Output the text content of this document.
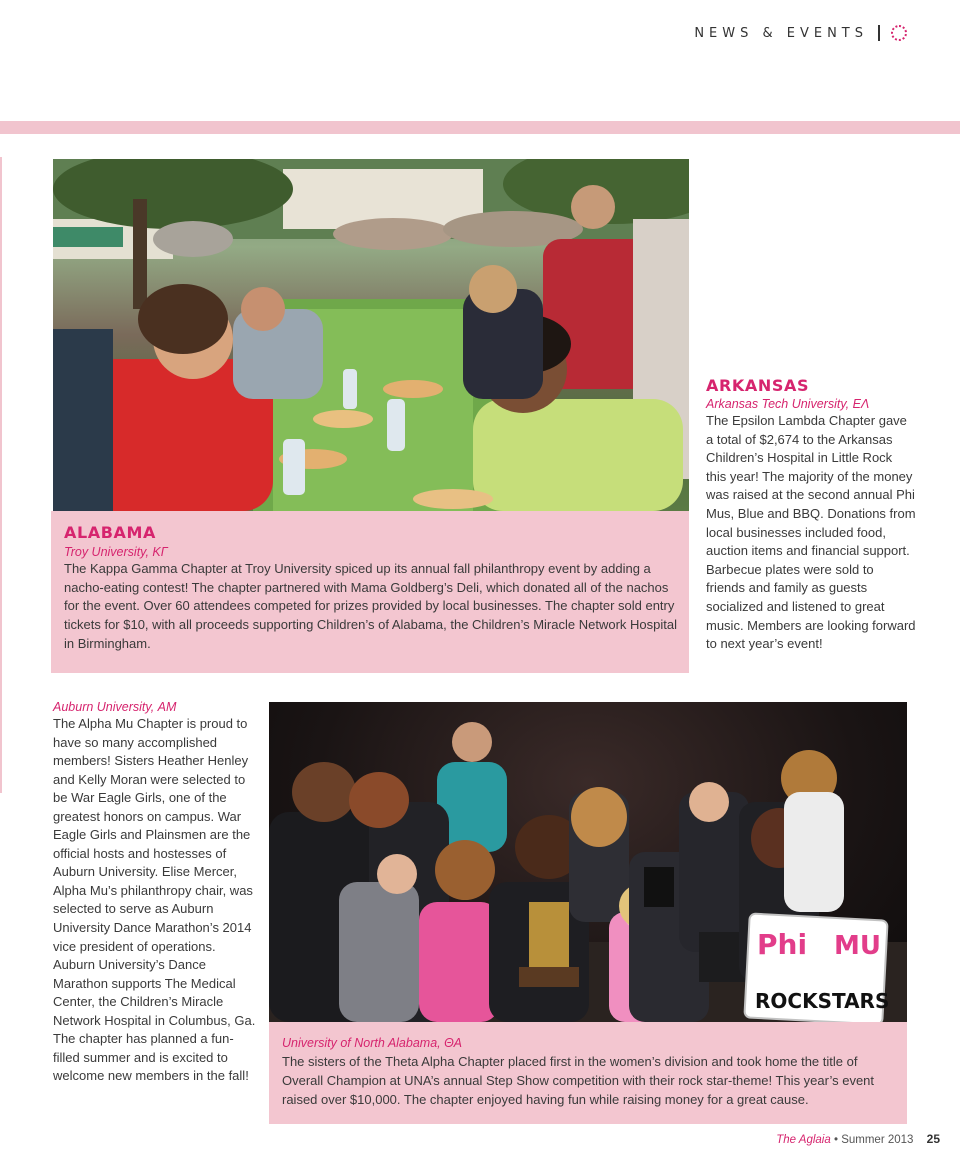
NEWS & EVENTS
ALABAMA
Troy University, ΚΓ
The Kappa Gamma Chapter at Troy University spiced up its annual fall philanthropy event by adding a nacho-eating contest! The chapter partnered with Mama Goldberg’s Deli, which donated all of the nachos for the event. Over 60 attendees competed for prizes provided by local businesses. The chapter sold entry tickets for $10, with all proceeds supporting Children’s of Alabama, the Children’s Miracle Network Hospital in Birmingham.
ARKANSAS
Arkansas Tech University, ΕΛ
The Epsilon Lambda Chapter gave a total of $2,674 to the Arkansas Children’s Hospital in Little Rock this year! The majority of the money was raised at the second annual Phi Mus, Blue and BBQ. Donations from local businesses included food, auction items and financial support. Barbecue plates were sold to friends and family as guests socialized and listened to great music. Members are looking forward to next year’s event!
Auburn University, ΑΜ
The Alpha Mu Chapter is proud to have so many accomplished members! Sisters Heather Henley and Kelly Moran were selected to be War Eagle Girls, one of the greatest honors on campus. War Eagle Girls and Plainsmen are the official hosts and hostesses of Auburn University. Elise Mercer, Alpha Mu’s philanthropy chair, was selected to serve as Auburn University Dance Marathon’s 2014 vice president of operations. Auburn University’s Dance Marathon supports The Medical Center, the Children’s Miracle Network Hospital in Columbus, Ga. The chapter has planned a fun-filled summer and is excited to welcome new members in the fall!
Phi MU
ROCKSTARS
University of North Alabama, ΘΑ
The sisters of the Theta Alpha Chapter placed first in the women’s division and took home the title of Overall Champion at UNA’s annual Step Show competition with their rock star-theme! This year’s event raised over $10,000. The chapter enjoyed having fun while raising money for a great cause.
The Aglaia • Summer 2013 25
